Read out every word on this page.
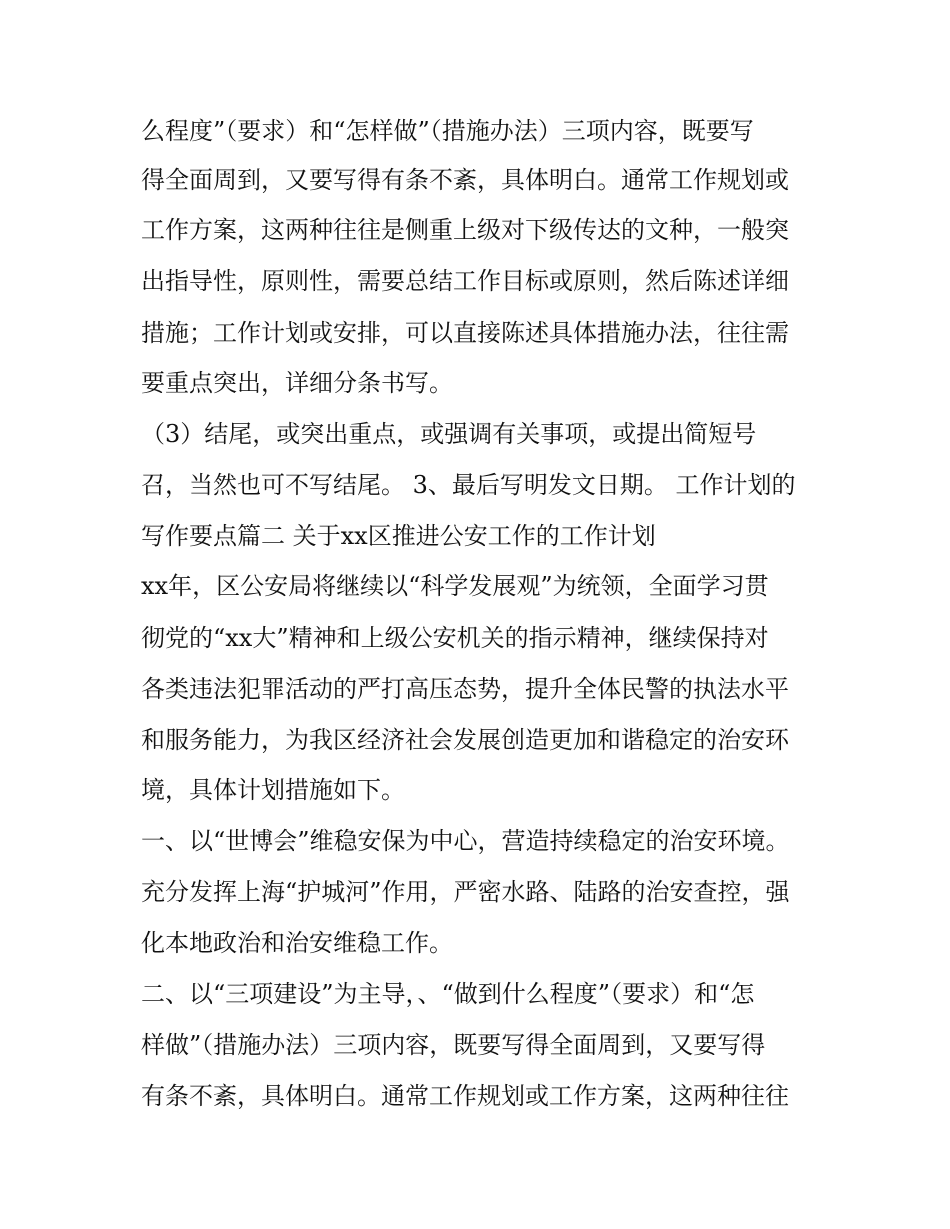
么程度”（要求）和“怎样做”（措施办法）三项内容，既要写
得全面周到，又要写得有条不紊，具体明白。通常工作规划或
工作方案，这两种往往是侧重上级对下级传达的文种，一般突
出指导性，原则性，需要总结工作目标或原则，然后陈述详细
措施；工作计划或安排，可以直接陈述具体措施办法，往往需
要重点突出，详细分条书写。
（3）结尾，或突出重点，或强调有关事项，或提出简短号
召，当然也可不写结尾。 3、最后写明发文日期。 工作计划的
写作要点篇二 关于xx区推进公安工作的工作计划
xx年，区公安局将继续以“科学发展观”为统领，全面学习贯
彻党的“xx大”精神和上级公安机关的指示精神，继续保持对
各类违法犯罪活动的严打高压态势，提升全体民警的执法水平
和服务能力，为我区经济社会发展创造更加和谐稳定的治安环
境，具体计划措施如下。
一、以“世博会”维稳安保为中心，营造持续稳定的治安环境。
充分发挥上海“护城河”作用，严密水路、陆路的治安查控，强
化本地政治和治安维稳工作。
二、以“三项建设”为主导，、“做到什么程度”（要求）和“怎
样做”（措施办法）三项内容，既要写得全面周到，又要写得
有条不紊，具体明白。通常工作规划或工作方案，这两种往往
